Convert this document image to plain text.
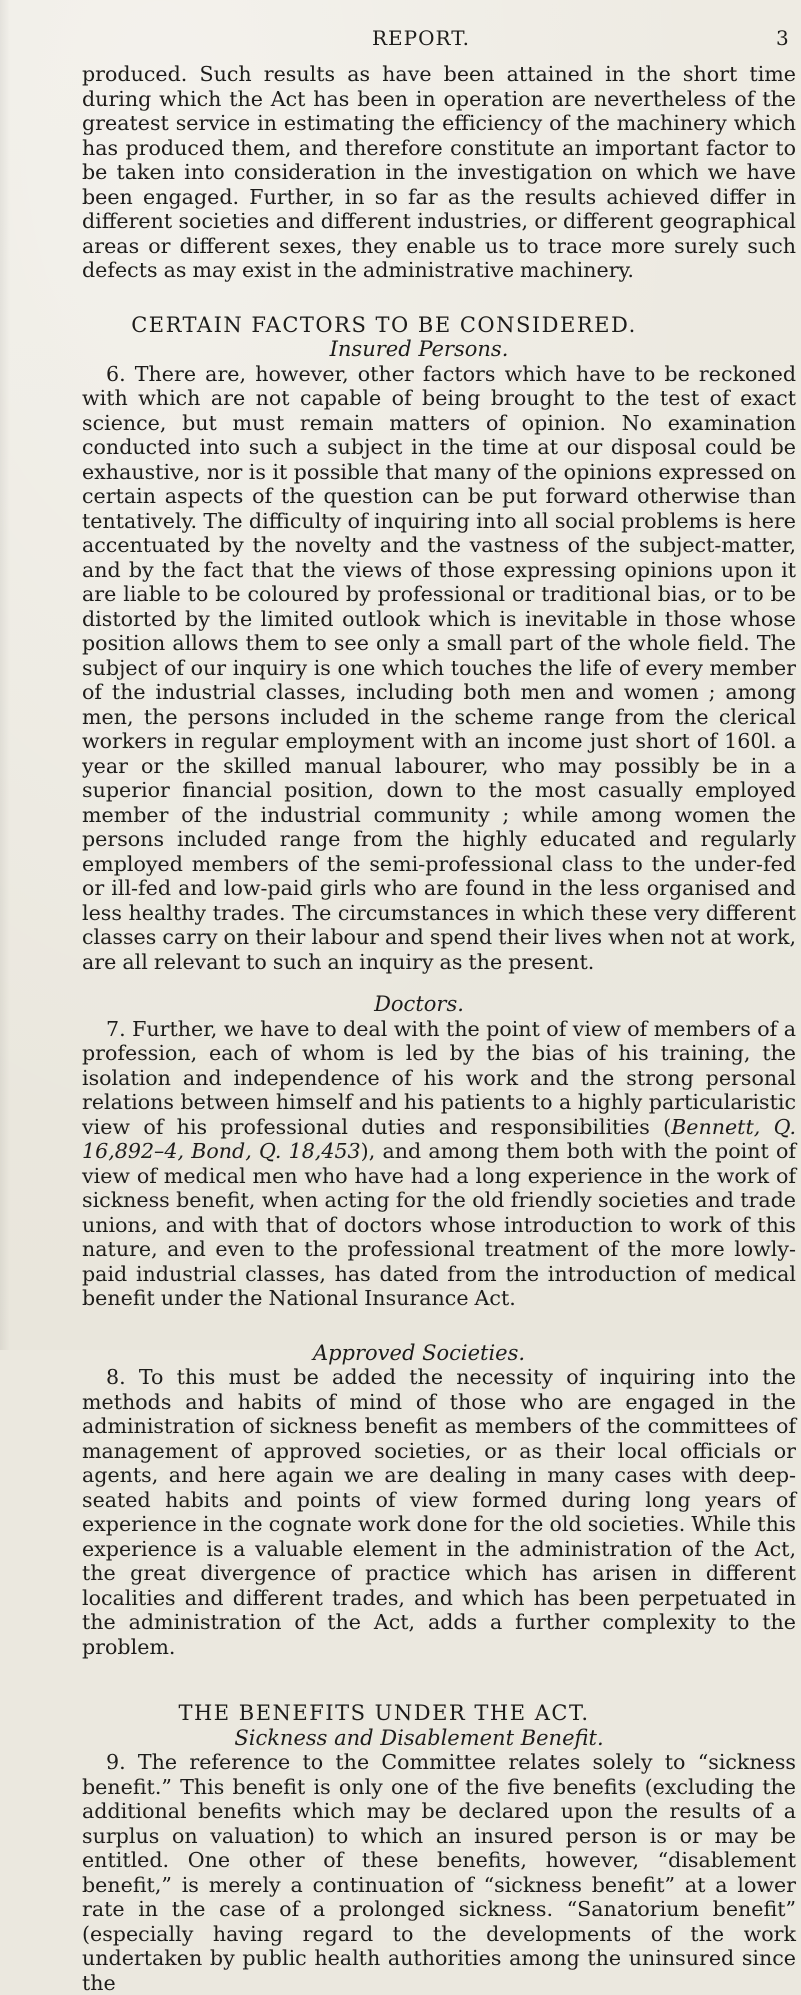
REPORT.	3

produced. Such results as have been attained in the short time during which the Act has been in operation are nevertheless of the greatest service in estimating the efficiency of the machinery which has produced them, and therefore constitute an important factor to be taken into consideration in the investigation on which we have been engaged. Further, in so far as the results achieved differ in different societies and different industries, or different geographical areas or different sexes, they enable us to trace more surely such defects as may exist in the administrative machinery.

CERTAIN FACTORS TO BE CONSIDERED.
Insured Persons.

6. There are, however, other factors which have to be reckoned with which are not capable of being brought to the test of exact science, but must remain matters of opinion. No examination conducted into such a subject in the time at our disposal could be exhaustive, nor is it possible that many of the opinions expressed on certain aspects of the question can be put forward otherwise than tentatively. The difficulty of inquiring into all social problems is here accentuated by the novelty and the vastness of the subject-matter, and by the fact that the views of those expressing opinions upon it are liable to be coloured by professional or traditional bias, or to be distorted by the limited outlook which is inevitable in those whose position allows them to see only a small part of the whole field. The subject of our inquiry is one which touches the life of every member of the industrial classes, including both men and women ; among men, the persons included in the scheme range from the clerical workers in regular employment with an income just short of 160l. a year or the skilled manual labourer, who may possibly be in a superior financial position, down to the most casually employed member of the industrial community ; while among women the persons included range from the highly educated and regularly employed members of the semi-professional class to the under-fed or ill-fed and low-paid girls who are found in the less organised and less healthy trades. The circumstances in which these very different classes carry on their labour and spend their lives when not at work, are all relevant to such an inquiry as the present.

Doctors.

7. Further, we have to deal with the point of view of members of a profession, each of whom is led by the bias of his training, the isolation and independence of his work and the strong personal relations between himself and his patients to a highly particularistic view of his professional duties and responsibilities (Bennett, Q. 16,892–4, Bond, Q. 18,453), and among them both with the point of view of medical men who have had a long experience in the work of sickness benefit, when acting for the old friendly societies and trade unions, and with that of doctors whose introduction to work of this nature, and even to the professional treatment of the more lowly-paid industrial classes, has dated from the introduction of medical benefit under the National Insurance Act.

Approved Societies.

8. To this must be added the necessity of inquiring into the methods and habits of mind of those who are engaged in the administration of sickness benefit as members of the committees of management of approved societies, or as their local officials or agents, and here again we are dealing in many cases with deep-seated habits and points of view formed during long years of experience in the cognate work done for the old societies. While this experience is a valuable element in the administration of the Act, the great divergence of practice which has arisen in different localities and different trades, and which has been perpetuated in the administration of the Act, adds a further complexity to the problem.

THE BENEFITS UNDER THE ACT.
Sickness and Disablement Benefit.

9. The reference to the Committee relates solely to “sickness benefit.” This benefit is only one of the five benefits (excluding the additional benefits which may be declared upon the results of a surplus on valuation) to which an insured person is or may be entitled. One other of these benefits, however, “disablement benefit,” is merely a continuation of “sickness benefit” at a lower rate in the case of a prolonged sickness. “Sanatorium benefit” (especially having regard to the developments of the work undertaken by public health authorities among the uninsured since the
